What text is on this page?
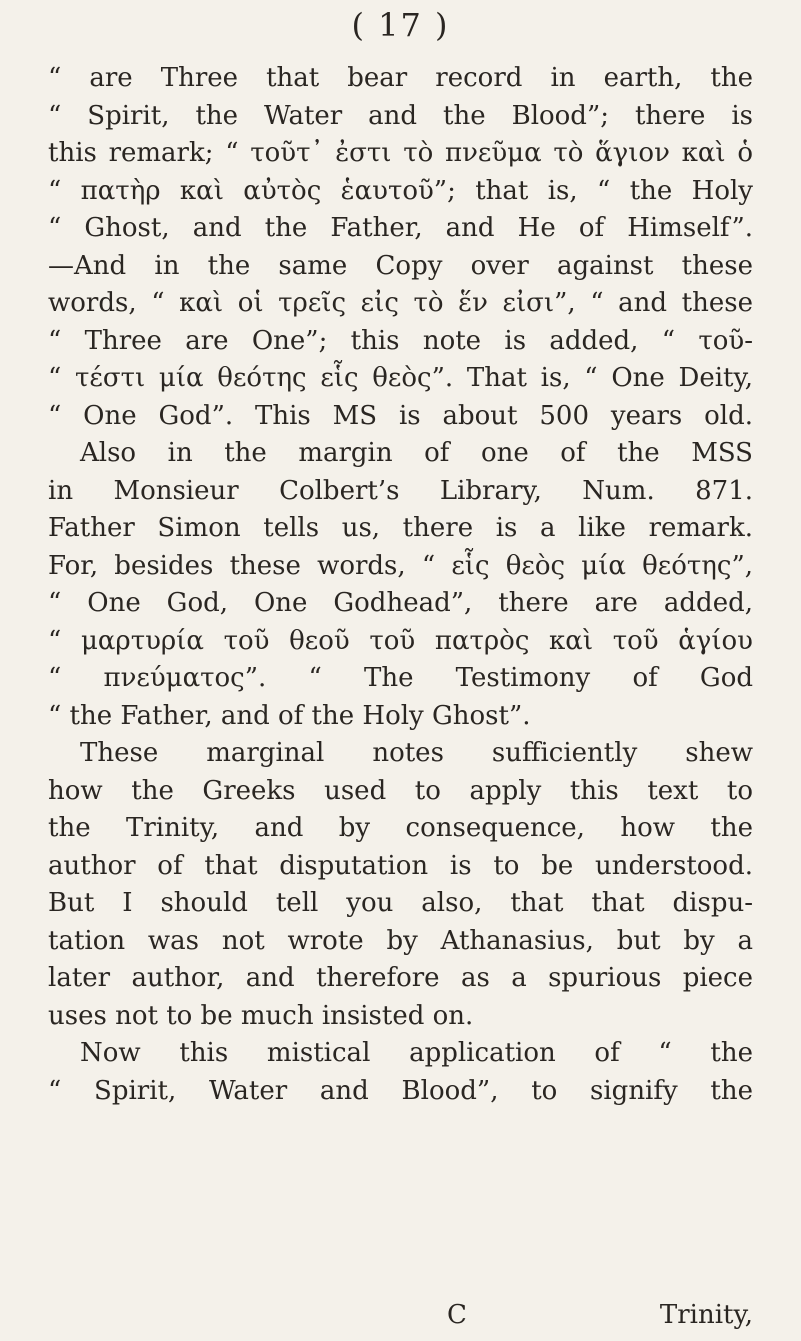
( 17 )
“ are Three that bear record in earth, the
“ Spirit, the Water and the Blood”; there is
this remark; “ τοῦτ᾽ ἐστι τὸ πνεῦμα τὸ ἅγιον καὶ ὁ
“ πατὴρ καὶ αὐτὸς ἑαυτοῦ”; that is, “ the Holy
“ Ghost, and the Father, and He of Himself”.
—And in the same Copy over against these
words, “ καὶ οἱ τρεῖς εἰς τὸ ἕν εἰσι”, “ and these
“ Three are One”; this note is added, “ τοῦ-
“ τέστι μία θεότης εἷς θεὸς”. That is, “ One Deity,
“ One God”. This MS is about 500 years old.
Also in the margin of one of the MSS
in Monsieur Colbert’s Library, Num. 871.
Father Simon tells us, there is a like remark.
For, besides these words, “ εἷς θεὸς μία θεότης”,
“ One God, One Godhead”, there are added,
“ μαρτυρία τοῦ θεοῦ τοῦ πατρὸς καὶ τοῦ ἁγίου
“ πνεύματος”. “ The Testimony of God
“ the Father, and of the Holy Ghost”.
These marginal notes sufficiently shew
how the Greeks used to apply this text to
the Trinity, and by consequence, how the
author of that disputation is to be understood.
But I should tell you also, that that dispu-
tation was not wrote by Athanasius, but by a
later author, and therefore as a spurious piece
uses not to be much insisted on.
Now this mistical application of “ the
“ Spirit, Water and Blood”, to signify the
C	Trinity,
